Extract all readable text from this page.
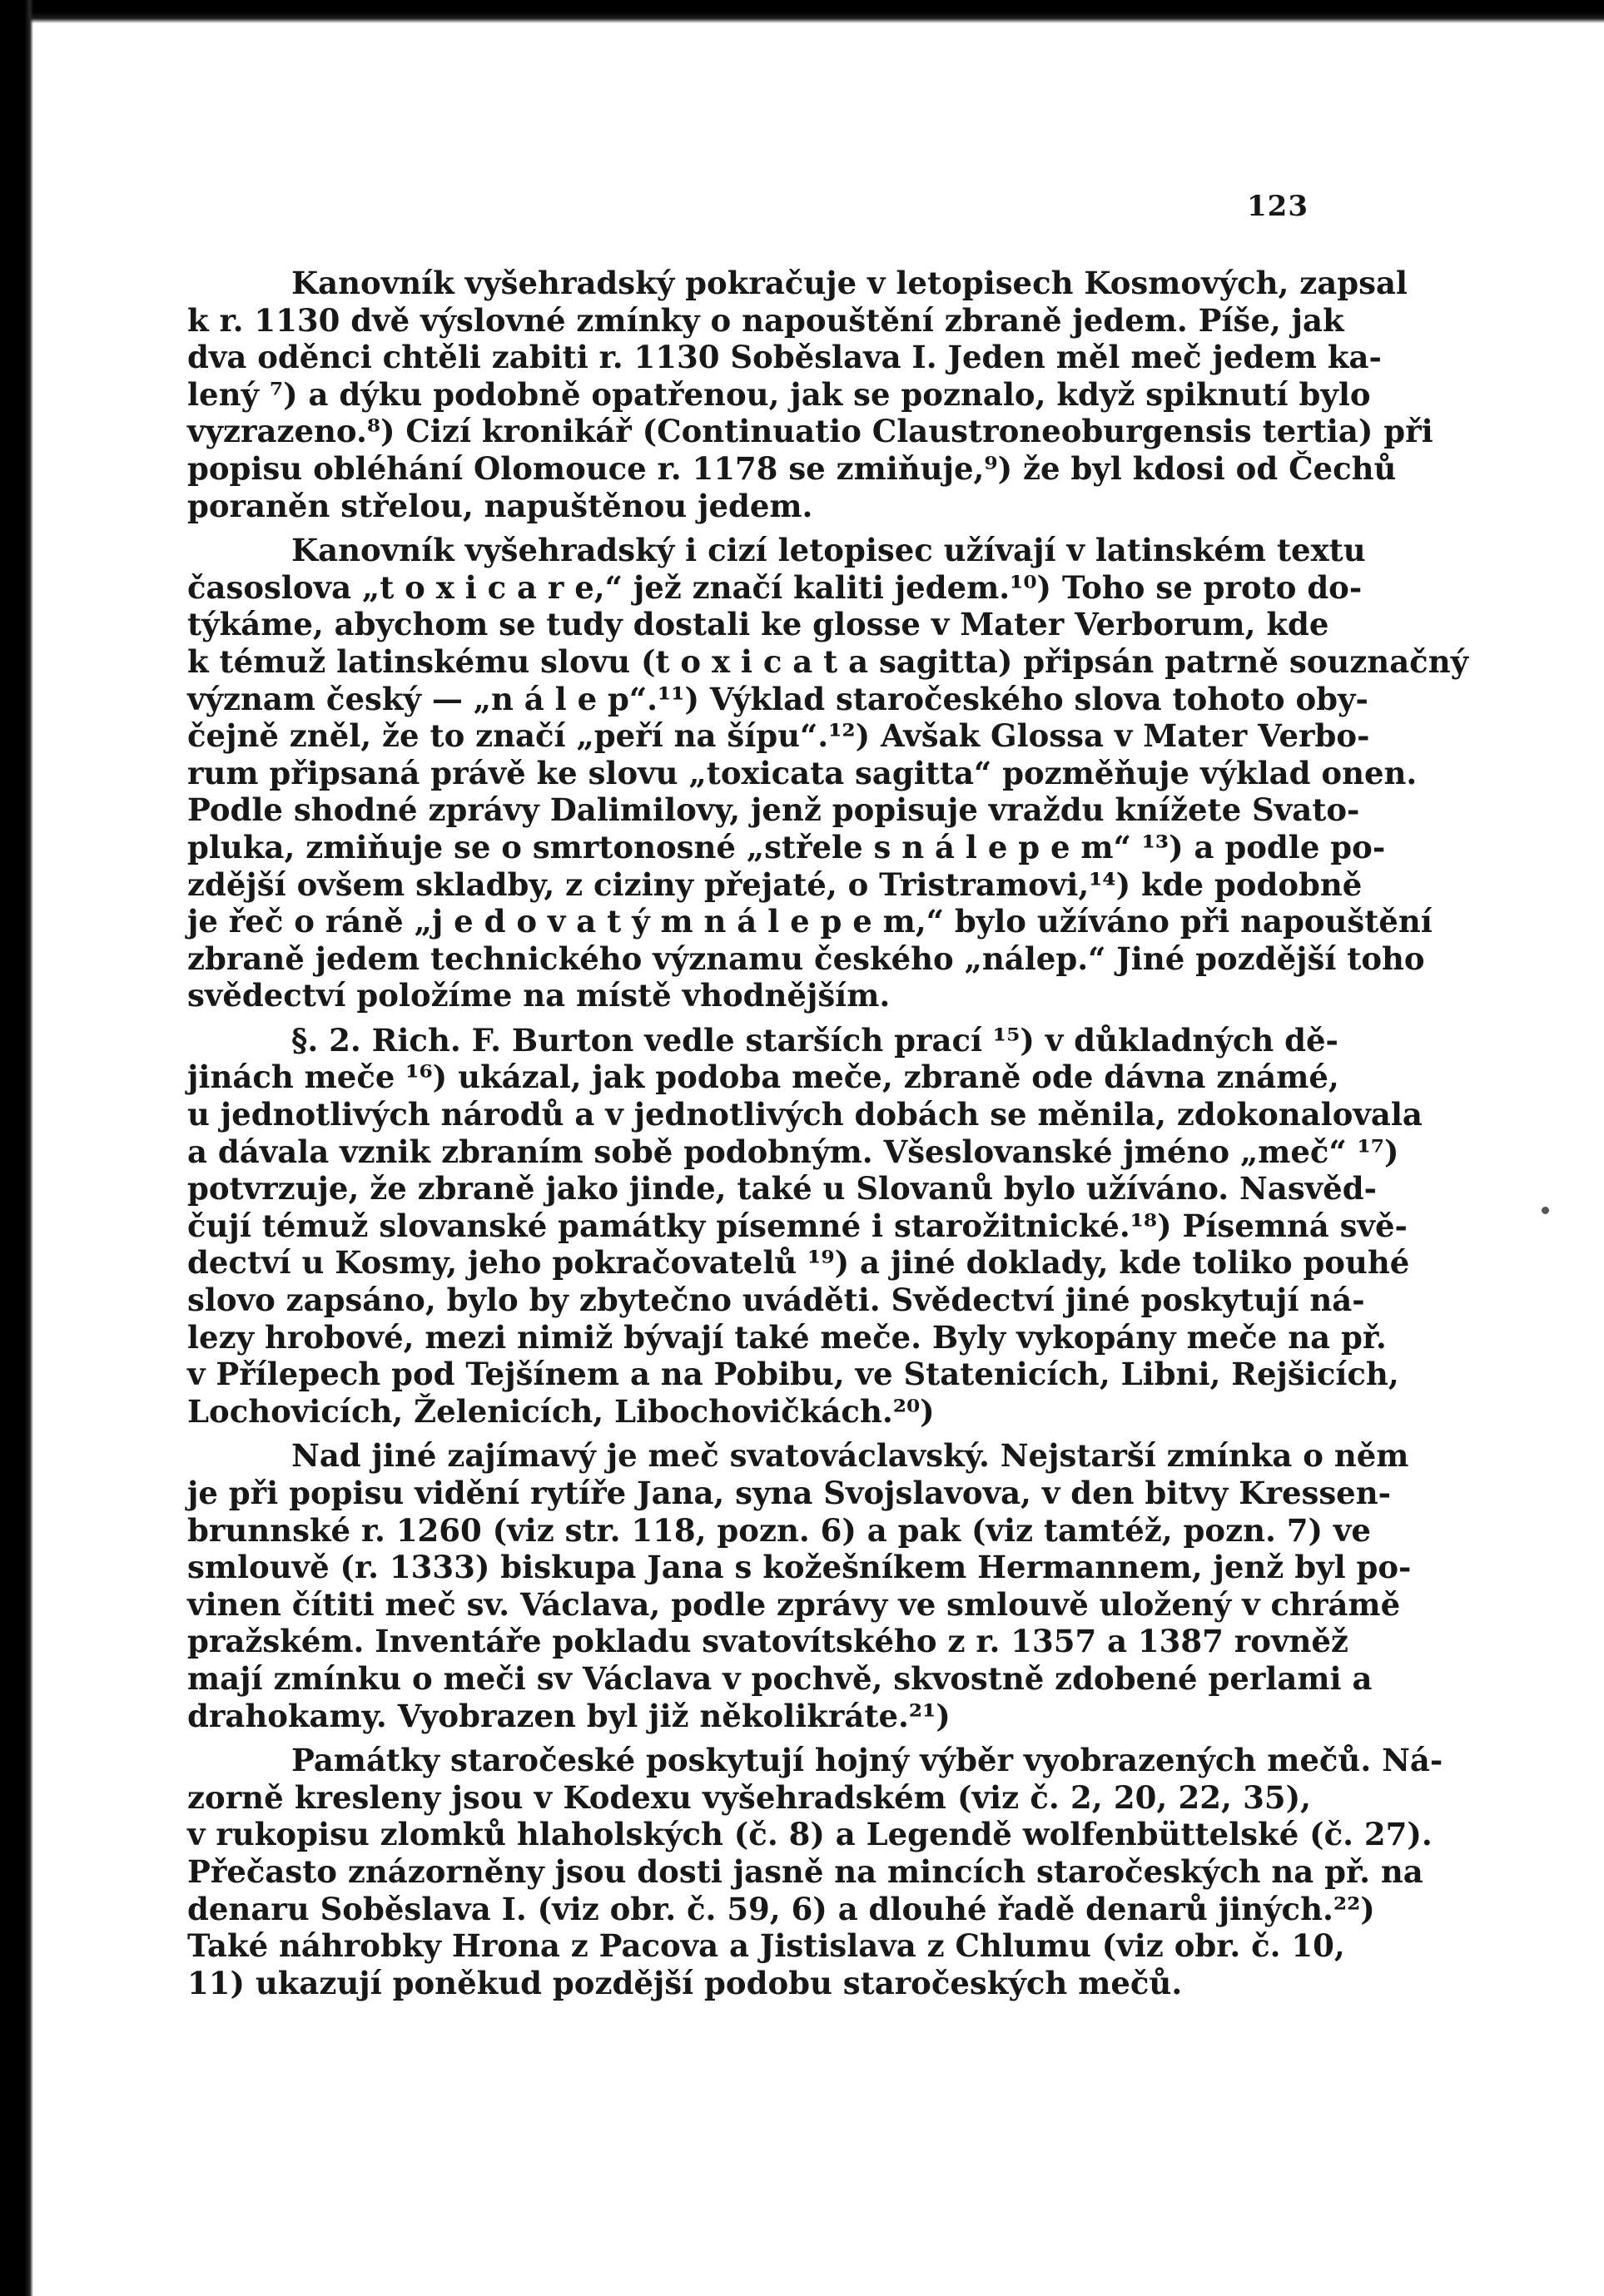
123
Kanovník vyšehradský pokračuje v letopisech Kosmových, zapsal
k r. 1130 dvě výslovné zmínky o napouštění zbraně jedem. Píše, jak
dva oděnci chtěli zabiti r. 1130 Soběslava I. Jeden měl meč jedem ka-
lený ⁷) a dýku podobně opatřenou, jak se poznalo, když spiknutí bylo
vyzrazeno.⁸) Cizí kronikář (Continuatio Claustroneoburgensis tertia) při
popisu obléhání Olomouce r. 1178 se zmiňuje,⁹) že byl kdosi od Čechů
poraněn střelou, napuštěnou jedem.
Kanovník vyšehradský i cizí letopisec užívají v latinském textu
časoslova „t o x i c a r e,“ jež značí kaliti jedem.¹⁰) Toho se proto do-
týkáme, abychom se tudy dostali ke glosse v Mater Verborum, kde
k témuž latinskému slovu (t o x i c a t a sagitta) připsán patrně souznačný
význam český — „n á l e p“.¹¹) Výklad staročeského slova tohoto oby-
čejně zněl, že to značí „peří na šípu“.¹²) Avšak Glossa v Mater Verbo-
rum připsaná právě ke slovu „toxicata sagitta“ pozměňuje výklad onen.
Podle shodné zprávy Dalimilovy, jenž popisuje vraždu knížete Svato-
pluka, zmiňuje se o smrtonosné „střele s n á l e p e m“ ¹³) a podle po-
zdější ovšem skladby, z ciziny přejaté, o Tristramovi,¹⁴) kde podobně
je řeč o ráně „j e d o v a t ý m n á l e p e m,“ bylo užíváno při napouštění
zbraně jedem technického významu českého „nálep.“ Jiné pozdější toho
svědectví položíme na místě vhodnějším.
§. 2. Rich. F. Burton vedle starších prací ¹⁵) v důkladných dě-
jinách meče ¹⁶) ukázal, jak podoba meče, zbraně ode dávna známé,
u jednotlivých národů a v jednotlivých dobách se měnila, zdokonalovala
a dávala vznik zbraním sobě podobným. Všeslovanské jméno „meč“ ¹⁷)
potvrzuje, že zbraně jako jinde, také u Slovanů bylo užíváno. Nasvěd-
čují témuž slovanské památky písemné i starožitnické.¹⁸) Písemná svě-
dectví u Kosmy, jeho pokračovatelů ¹⁹) a jiné doklady, kde toliko pouhé
slovo zapsáno, bylo by zbytečno uváděti. Svědectví jiné poskytují ná-
lezy hrobové, mezi nimiž bývají také meče. Byly vykopány meče na př.
v Přílepech pod Tejšínem a na Pobibu, ve Statenicích, Libni, Rejšicích,
Lochovicích, Želenicích, Libochovičkách.²⁰)
Nad jiné zajímavý je meč svatováclavský. Nejstarší zmínka o něm
je při popisu vidění rytíře Jana, syna Svojslavova, v den bitvy Kressen-
brunnské r. 1260 (viz str. 118, pozn. 6) a pak (viz tamtéž, pozn. 7) ve
smlouvě (r. 1333) biskupa Jana s kožešníkem Hermannem, jenž byl po-
vinen čítiti meč sv. Václava, podle zprávy ve smlouvě uložený v chrámě
pražském. Inventáře pokladu svatovítského z r. 1357 a 1387 rovněž
mají zmínku o meči sv Václava v pochvě, skvostně zdobené perlami a
drahokamy. Vyobrazen byl již několikráte.²¹)
Památky staročeské poskytují hojný výběr vyobrazených mečů. Ná-
zorně kresleny jsou v Kodexu vyšehradském (viz č. 2, 20, 22, 35),
v rukopisu zlomků hlaholských (č. 8) a Legendě wolfenbüttelské (č. 27).
Přečasto znázorněny jsou dosti jasně na mincích staročeských na př. na
denaru Soběslava I. (viz obr. č. 59, 6) a dlouhé řadě denarů jiných.²²)
Také náhrobky Hrona z Pacova a Jistislava z Chlumu (viz obr. č. 10,
11) ukazují poněkud pozdější podobu staročeských mečů.
